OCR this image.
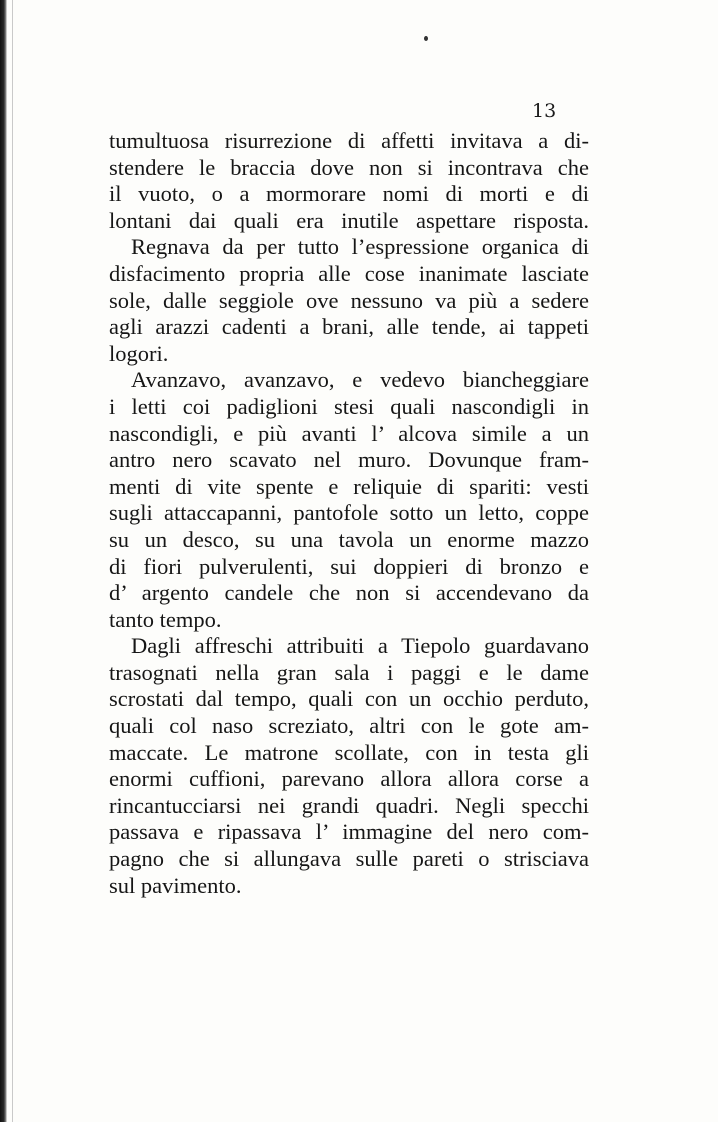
13
tumultuosa risurrezione di affetti invitava a di-
stendere le braccia dove non si incontrava che
il vuoto, o a mormorare nomi di morti e di
lontani dai quali era inutile aspettare risposta.
Regnava da per tutto l’espressione organica di
disfacimento propria alle cose inanimate lasciate
sole, dalle seggiole ove nessuno va più a sedere
agli arazzi cadenti a brani, alle tende, ai tappeti
logori.
Avanzavo, avanzavo, e vedevo biancheggiare
i letti coi padiglioni stesi quali nascondigli in
nascondigli, e più avanti l’ alcova simile a un
antro nero scavato nel muro. Dovunque fram-
menti di vite spente e reliquie di spariti: vesti
sugli attaccapanni, pantofole sotto un letto, coppe
su un desco, su una tavola un enorme mazzo
di fiori pulverulenti, sui doppieri di bronzo e
d’ argento candele che non si accendevano da
tanto tempo.
Dagli affreschi attribuiti a Tiepolo guardavano
trasognati nella gran sala i paggi e le dame
scrostati dal tempo, quali con un occhio perduto,
quali col naso screziato, altri con le gote am-
maccate. Le matrone scollate, con in testa gli
enormi cuffioni, parevano allora allora corse a
rincantucciarsi nei grandi quadri. Negli specchi
passava e ripassava l’ immagine del nero com-
pagno che si allungava sulle pareti o strisciava
sul pavimento.
